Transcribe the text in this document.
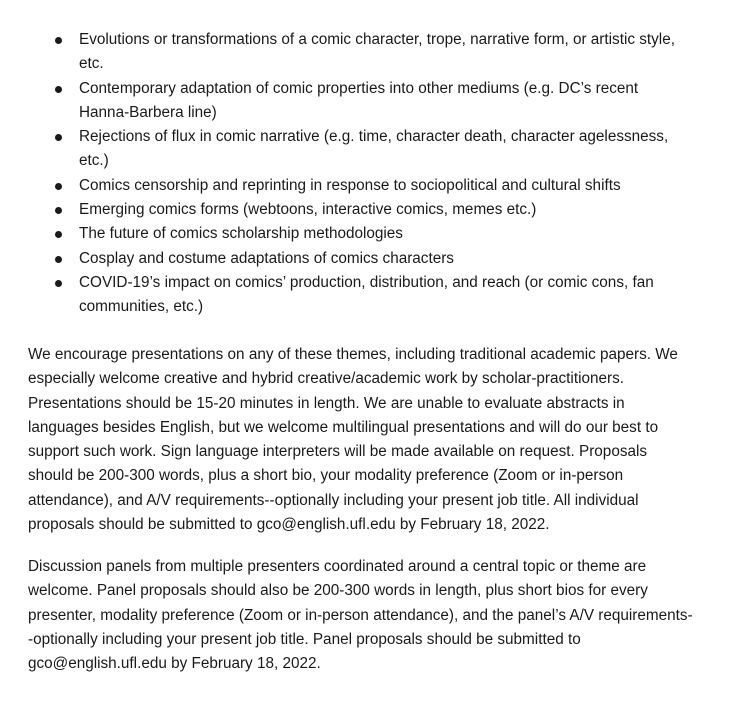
Evolutions or transformations of a comic character, trope, narrative form, or artistic style, etc.
Contemporary adaptation of comic properties into other mediums (e.g. DC’s recent Hanna-Barbera line)
Rejections of flux in comic narrative (e.g. time, character death, character agelessness, etc.)
Comics censorship and reprinting in response to sociopolitical and cultural shifts
Emerging comics forms (webtoons, interactive comics, memes etc.)
The future of comics scholarship methodologies
Cosplay and costume adaptations of comics characters
COVID-19’s impact on comics’ production, distribution, and reach (or comic cons, fan communities, etc.)

We encourage presentations on any of these themes, including traditional academic papers. We especially welcome creative and hybrid creative/academic work by scholar-practitioners. Presentations should be 15-20 minutes in length. We are unable to evaluate abstracts in languages besides English, but we welcome multilingual presentations and will do our best to support such work. Sign language interpreters will be made available on request. Proposals should be 200-300 words, plus a short bio, your modality preference (Zoom or in-person attendance), and A/V requirements--optionally including your present job title. All individual proposals should be submitted to gco@english.ufl.edu by February 18, 2022.

Discussion panels from multiple presenters coordinated around a central topic or theme are welcome. Panel proposals should also be 200-300 words in length, plus short bios for every presenter, modality preference (Zoom or in-person attendance), and the panel’s A/V requirements--optionally including your present job title. Panel proposals should be submitted to gco@english.ufl.edu by February 18, 2022.
